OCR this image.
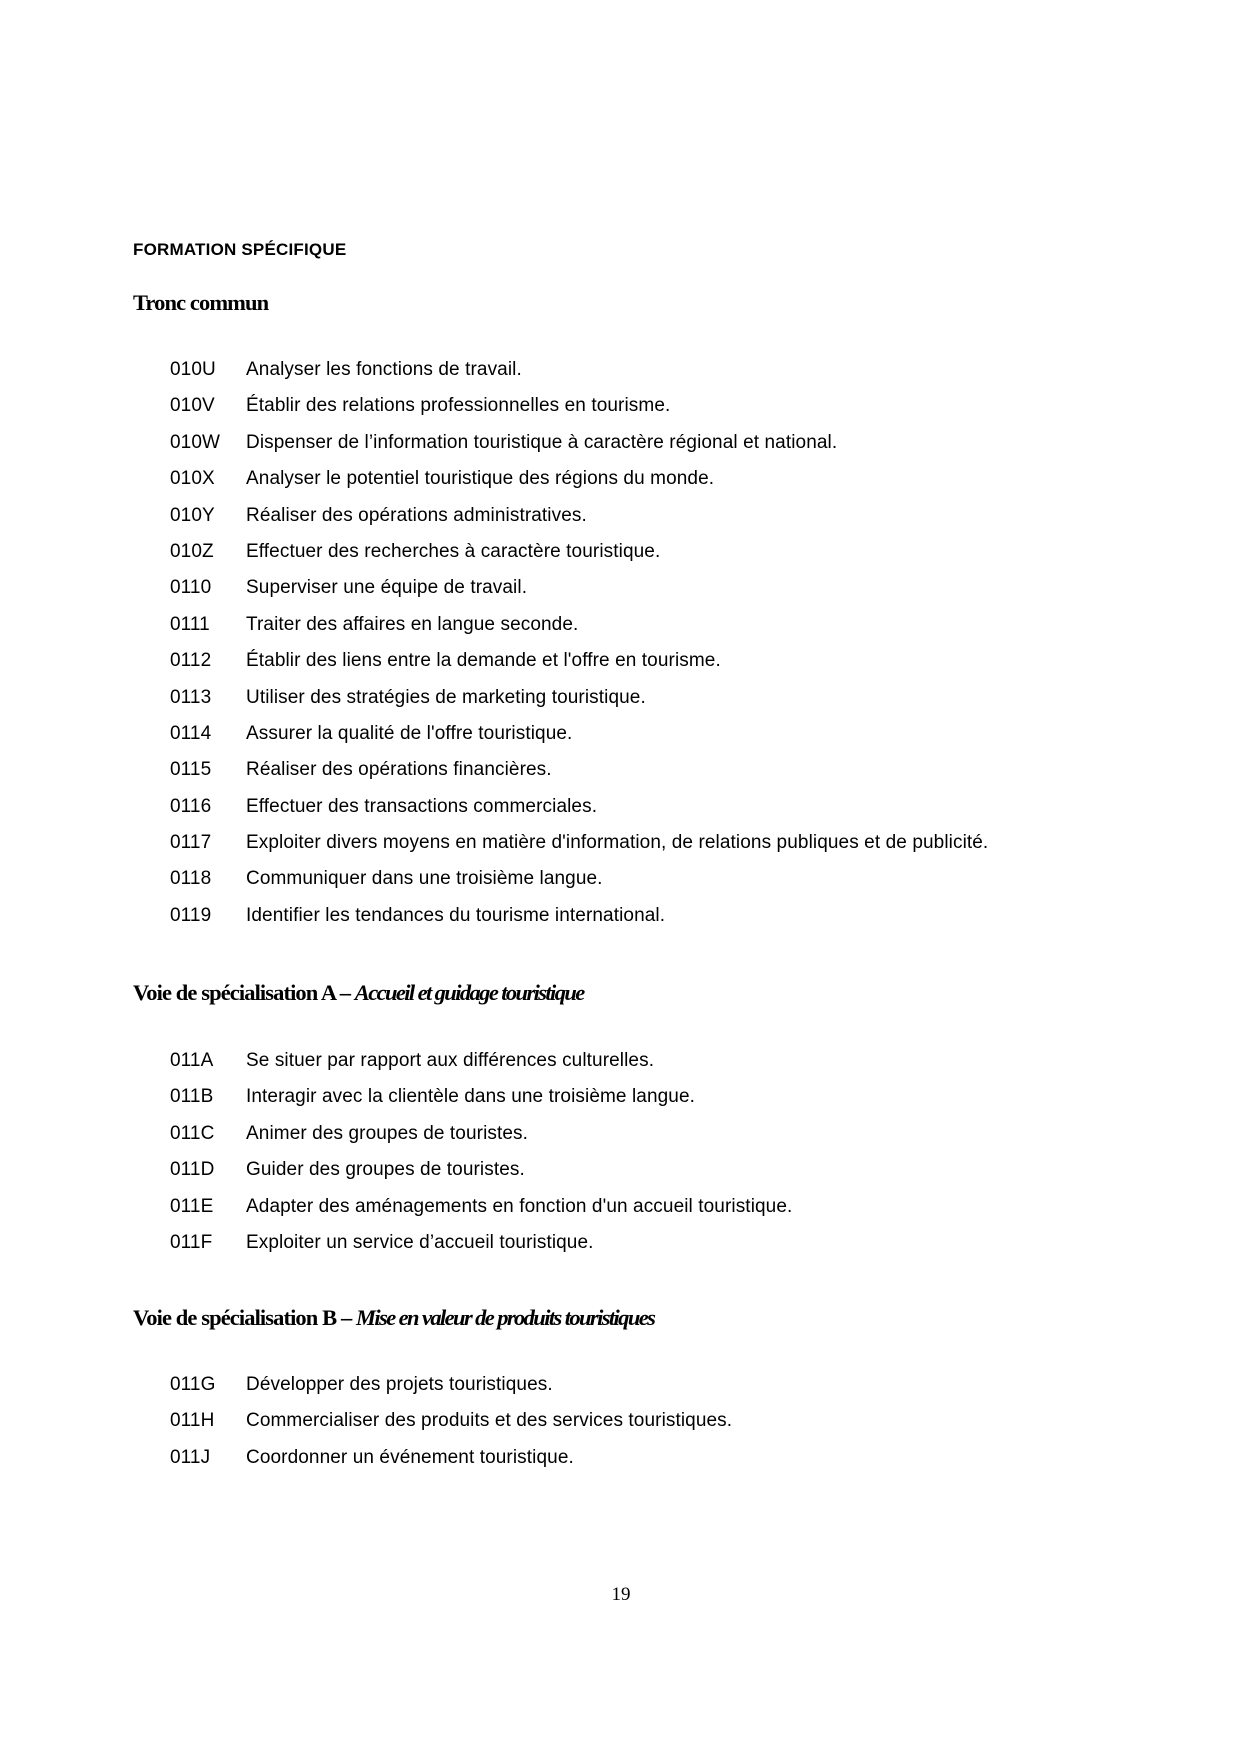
FORMATION SPÉCIFIQUE
Tronc commun
010U Analyser les fonctions de travail.
010V Établir des relations professionnelles en tourisme.
010W Dispenser de l’information touristique à caractère régional et national.
010X Analyser le potentiel touristique des régions du monde.
010Y Réaliser des opérations administratives.
010Z Effectuer des recherches à caractère touristique.
0110 Superviser une équipe de travail.
0111 Traiter des affaires en langue seconde.
0112 Établir des liens entre la demande et l'offre en tourisme.
0113 Utiliser des stratégies de marketing touristique.
0114 Assurer la qualité de l'offre touristique.
0115 Réaliser des opérations financières.
0116 Effectuer des transactions commerciales.
0117 Exploiter divers moyens en matière d'information, de relations publiques et de publicité.
0118 Communiquer dans une troisième langue.
0119 Identifier les tendances du tourisme international.
Voie de spécialisation A – Accueil et guidage touristique
011A Se situer par rapport aux différences culturelles.
011B Interagir avec la clientèle dans une troisième langue.
011C Animer des groupes de touristes.
011D Guider des groupes de touristes.
011E Adapter des aménagements en fonction d'un accueil touristique.
011F Exploiter un service d’accueil touristique.
Voie de spécialisation B – Mise en valeur de produits touristiques
011G Développer des projets touristiques.
011H Commercialiser des produits et des services touristiques.
011J Coordonner un événement touristique.
19
